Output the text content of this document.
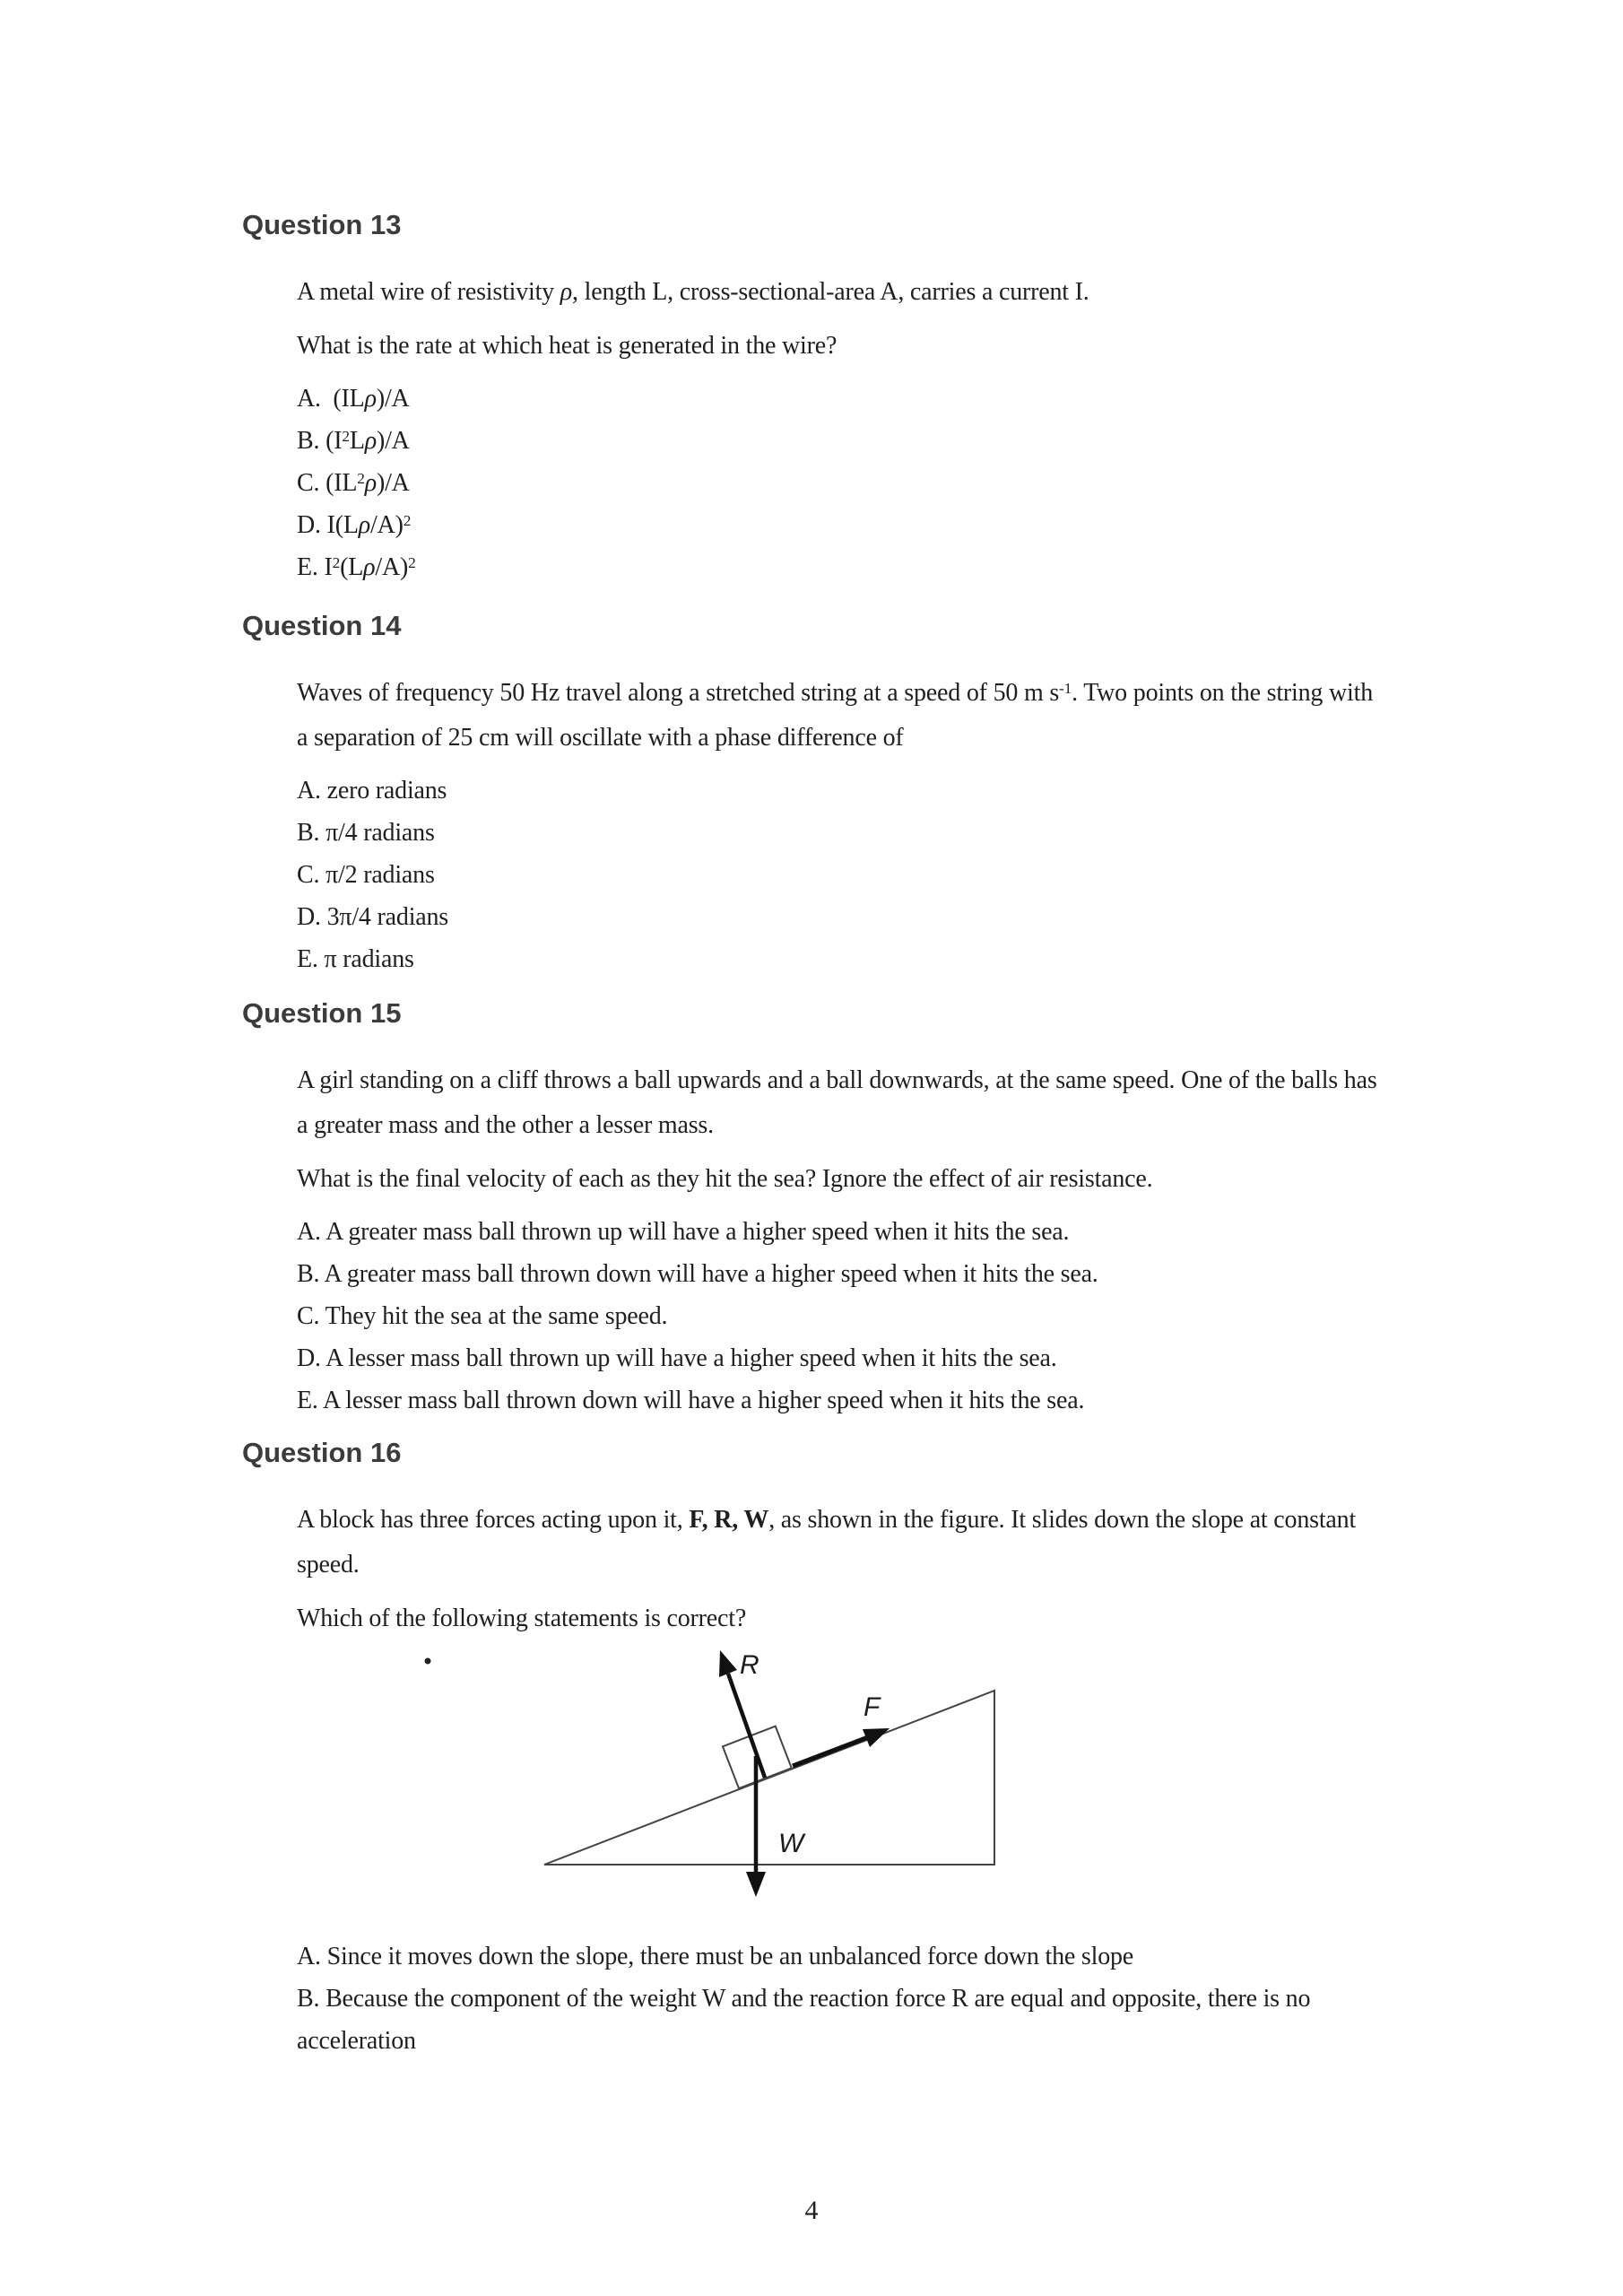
Question 13
A metal wire of resistivity ρ, length L, cross-sectional-area A, carries a current I.
What is the rate at which heat is generated in the wire?
A.  (ILρ)/A
B. $(I^2L\rho)/A$
C. $(IL^2\rho)/A$
D. $I(L\rho/A)^2$
E. $I^2(L\rho/A)^2$
Question 14
Waves of frequency 50 Hz travel along a stretched string at a speed of 50 m $s^{-1}$. Two points on the string with
a separation of 25 cm will oscillate with a phase difference of
A. zero radians
B. π/4 radians
C. π/2 radians
D. 3π/4 radians
E. π radians
Question 15
A girl standing on a cliff throws a ball upwards and a ball downwards, at the same speed. One of the balls has
a greater mass and the other a lesser mass.
What is the final velocity of each as they hit the sea? Ignore the effect of air resistance.
A. A greater mass ball thrown up will have a higher speed when it hits the sea.
B. A greater mass ball thrown down will have a higher speed when it hits the sea.
C. They hit the sea at the same speed.
D. A lesser mass ball thrown up will have a higher speed when it hits the sea.
E. A lesser mass ball thrown down will have a higher speed when it hits the sea.
Question 16
A block has three forces acting upon it, F, R, W, as shown in the figure. It slides down the slope at constant
speed.
Which of the following statements is correct?
R
F
W
A. Since it moves down the slope, there must be an unbalanced force down the slope
B. Because the component of the weight W and the reaction force R are equal and opposite, there is no
acceleration
4
